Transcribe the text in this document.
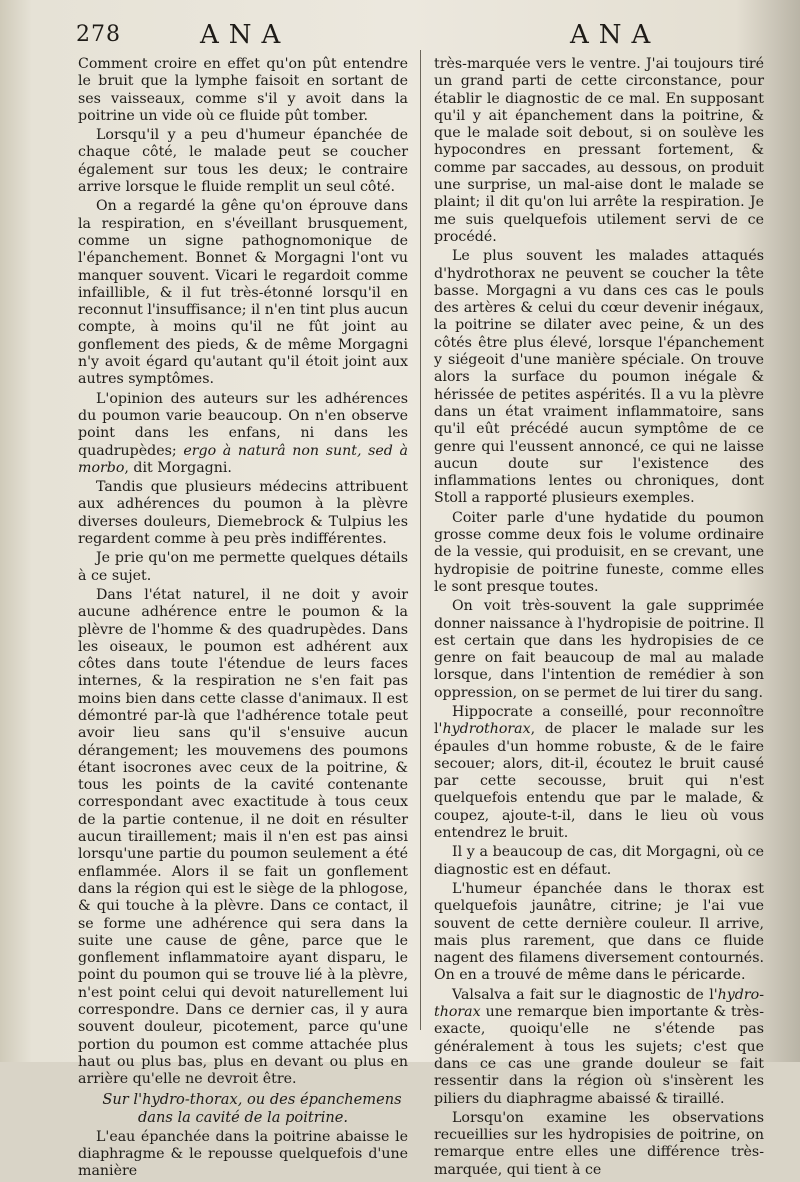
278	ANA	ANA

Comment croire en effet qu'on pût entendre le bruit que la lymphe faisoit en sortant de ses vaisseaux, comme s'il y avoit dans la poitrine un vide où ce fluide pût tomber.

Lorsqu'il y a peu d'humeur épanchée de chaque côté, le malade peut se coucher également sur tous les deux; le contraire arrive lorsque le fluide remplit un seul côté.

On a regardé la gêne qu'on éprouve dans la respiration, en s'éveillant brusquement, comme un signe pathognomonique de l'épanchement. Bonnet & Morgagni l'ont vu manquer souvent. Vicari le regardoit comme infaillible, & il fut très-étonné lorsqu'il en reconnut l'insuffisance; il n'en tint plus aucun compte, à moins qu'il ne fût joint au gonflement des pieds, & de même Morgagni n'y avoit égard qu'autant qu'il étoit joint aux autres symptômes.

L'opinion des auteurs sur les adhérences du poumon varie beaucoup. On n'en observe point dans les enfans, ni dans les quadrupèdes; ergo à naturâ non sunt, sed à morbo, dit Morgagni.

Tandis que plusieurs médecins attribuent aux adhérences du poumon à la plèvre diverses douleurs, Diemebrock & Tulpius les regardent comme à peu près indifférentes.

Je prie qu'on me permette quelques détails à ce sujet.

Dans l'état naturel, il ne doit y avoir aucune adhérence entre le poumon & la plèvre de l'homme & des quadrupèdes. Dans les oiseaux, le poumon est adhérent aux côtes dans toute l'étendue de leurs faces internes, & la respiration ne s'en fait pas moins bien dans cette classe d'animaux. Il est démontré par-là que l'adhérence totale peut avoir lieu sans qu'il s'ensuive aucun dérangement; les mouvemens des poumons étant isocrones avec ceux de la poitrine, & tous les points de la cavité contenante correspondant avec exactitude à tous ceux de la partie contenue, il ne doit en résulter aucun tiraillement; mais il n'en est pas ainsi lorsqu'une partie du poumon seulement a été enflammée. Alors il se fait un gonflement dans la région qui est le siège de la phlogose, & qui touche à la plèvre. Dans ce contact, il se forme une adhérence qui sera dans la suite une cause de gêne, parce que le gonflement inflammatoire ayant disparu, le point du poumon qui se trouve lié à la plèvre, n'est point celui qui devoit naturellement lui correspondre. Dans ce dernier cas, il y aura souvent douleur, picotement, parce qu'une portion du poumon est comme attachée plus haut ou plus bas, plus en devant ou plus en arrière qu'elle ne devroit être.

Sur l'hydro-thorax, ou des épanchemens dans la cavité de la poitrine.

L'eau épanchée dans la poitrine abaisse le diaphragme & le repousse quelquefois d'une manière

très-marquée vers le ventre. J'ai toujours tiré un grand parti de cette circonstance, pour établir le diagnostic de ce mal. En supposant qu'il y ait épanchement dans la poitrine, & que le malade soit debout, si on soulève les hypocondres en pressant fortement, & comme par saccades, au dessous, on produit une surprise, un mal-aise dont le malade se plaint; il dit qu'on lui arrête la respiration. Je me suis quelquefois utilement servi de ce procédé.

Le plus souvent les malades attaqués d'hydrothorax ne peuvent se coucher la tête basse. Morgagni a vu dans ces cas le pouls des artères & celui du cœur devenir inégaux, la poitrine se dilater avec peine, & un des côtés être plus élevé, lorsque l'épanchement y siégeoit d'une manière spéciale. On trouve alors la surface du poumon inégale & hérissée de petites aspérités. Il a vu la plèvre dans un état vraiment inflammatoire, sans qu'il eût précédé aucun symptôme de ce genre qui l'eussent annoncé, ce qui ne laisse aucun doute sur l'existence des inflammations lentes ou chroniques, dont Stoll a rapporté plusieurs exemples.

Coiter parle d'une hydatide du poumon grosse comme deux fois le volume ordinaire de la vessie, qui produisit, en se crevant, une hydropisie de poitrine funeste, comme elles le sont presque toutes.

On voit très-souvent la gale supprimée donner naissance à l'hydropisie de poitrine. Il est certain que dans les hydropisies de ce genre on fait beaucoup de mal au malade lorsque, dans l'intention de remédier à son oppression, on se permet de lui tirer du sang.

Hippocrate a conseillé, pour reconnoître l'hydrothorax, de placer le malade sur les épaules d'un homme robuste, & de le faire secouer; alors, dit-il, écoutez le bruit causé par cette secousse, bruit qui n'est quelquefois entendu que par le malade, & coupez, ajoute-t-il, dans le lieu où vous entendrez le bruit.

Il y a beaucoup de cas, dit Morgagni, où ce diagnostic est en défaut.

L'humeur épanchée dans le thorax est quelquefois jaunâtre, citrine; je l'ai vue souvent de cette dernière couleur. Il arrive, mais plus rarement, que dans ce fluide nagent des filamens diversement contournés. On en a trouvé de même dans le péricarde.

Valsalva a fait sur le diagnostic de l'hydro-thorax une remarque bien importante & très-exacte, quoiqu'elle ne s'étende pas généralement à tous les sujets; c'est que dans ce cas une grande douleur se fait ressentir dans la région où s'insèrent les piliers du diaphragme abaissé & tiraillé.

Lorsqu'on examine les observations recueillies sur les hydropisies de poitrine, on remarque entre elles une différence très-marquée, qui tient à ce
